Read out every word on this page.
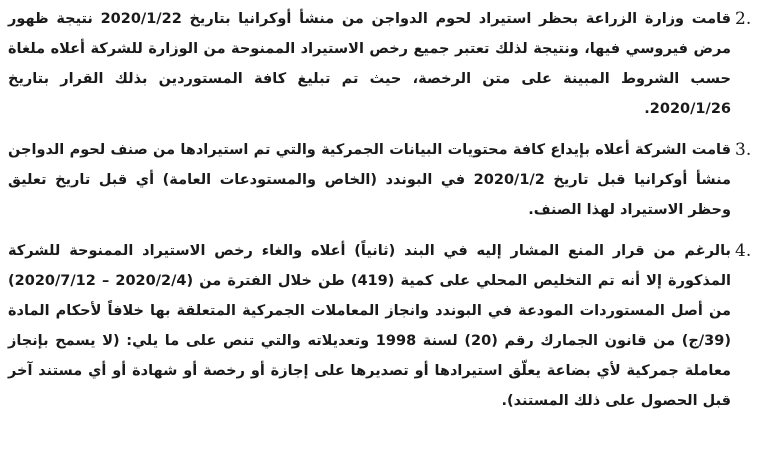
2.
قامت وزارة الزراعة بحظر استيراد لحوم الدواجن من منشأ أوكرانيا بتاريخ 2020/1/22 نتيجة ظهور مرض فيروسي فيها، ونتيجة لذلك تعتبر جميع رخص الاستيراد الممنوحة من الوزارة للشركة أعلاه ملغاة حسب الشروط المبينة على متن الرخصة، حيث تم تبليغ كافة المستوردين بذلك القرار بتاريخ 2020/1/26.
3.
قامت الشركة أعلاه بإيداع كافة محتويات البيانات الجمركية والتي تم استيرادها من صنف لحوم الدواجن منشأ أوكرانيا قبل تاريخ 2020/1/2 في البوندد (الخاص والمستودعات العامة) أي قبل تاريخ تعليق وحظر الاستيراد لهذا الصنف.
4.
بالرغم من قرار المنع المشار إليه في البند (ثانياً) أعلاه والغاء رخص الاستيراد الممنوحة للشركة المذكورة إلا أنه تم التخليص المحلي على كمية (419) طن خلال الفترة من (2020/2/4 – 2020/7/12) من أصل المستوردات المودعة في البوندد وانجاز المعاملات الجمركية المتعلقة بها خلافاً لأحكام المادة (39/ج) من قانون الجمارك رقم (20) لسنة 1998 وتعديلاته والتي تنص على ما يلي: (لا يسمح بإنجاز معاملة جمركية لأي بضاعة يعلّق استيرادها أو تصديرها على إجازة أو رخصة أو شهادة أو أي مستند آخر قبل الحصول على ذلك المستند).
